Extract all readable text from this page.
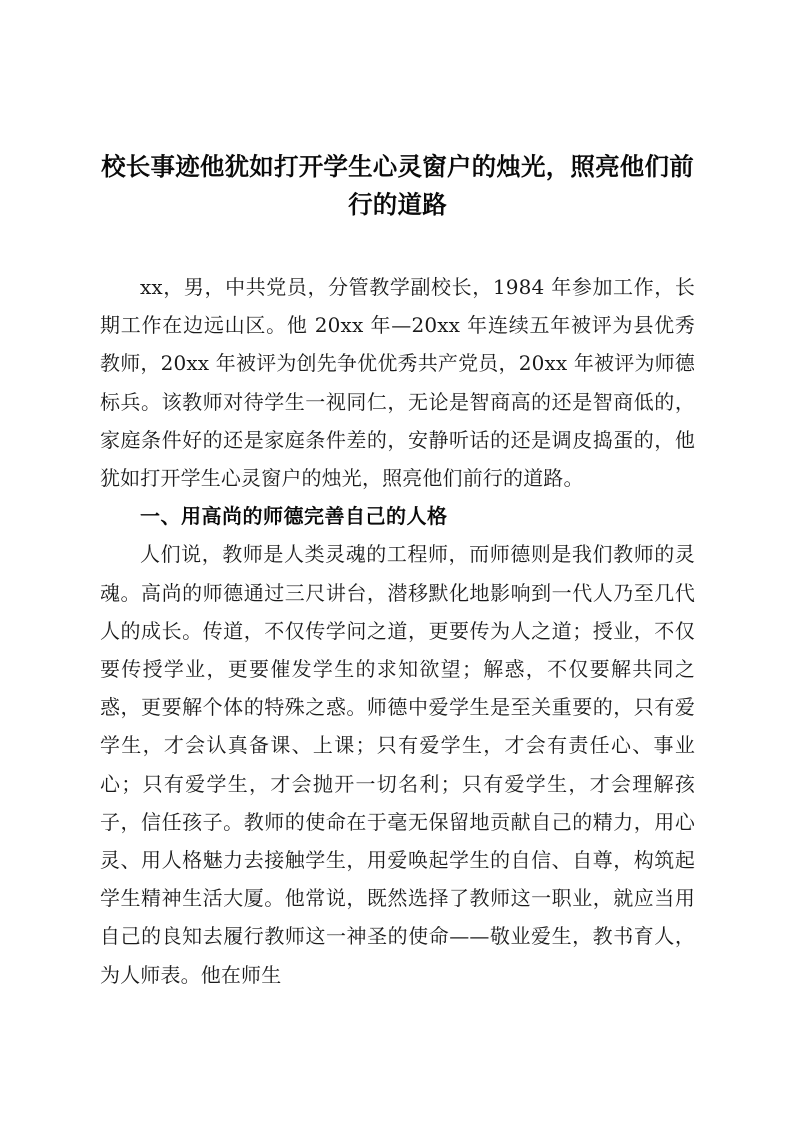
校长事迹他犹如打开学生心灵窗户的烛光，照亮他们前
行的道路

xx，男，中共党员，分管教学副校长，1984 年参加工作，长期工作在边远山区。他 20xx 年—20xx 年连续五年被评为县优秀教师，20xx 年被评为创先争优优秀共产党员，20xx 年被评为师德标兵。该教师对待学生一视同仁，无论是智商高的还是智商低的，家庭条件好的还是家庭条件差的，安静听话的还是调皮捣蛋的，他犹如打开学生心灵窗户的烛光，照亮他们前行的道路。

一、用高尚的师德完善自己的人格

人们说，教师是人类灵魂的工程师，而师德则是我们教师的灵魂。高尚的师德通过三尺讲台，潜移默化地影响到一代人乃至几代人的成长。传道，不仅传学问之道，更要传为人之道；授业，不仅要传授学业，更要催发学生的求知欲望；解惑，不仅要解共同之惑，更要解个体的特殊之惑。师德中爱学生是至关重要的，只有爱学生，才会认真备课、上课；只有爱学生，才会有责任心、事业心；只有爱学生，才会抛开一切名利；只有爱学生，才会理解孩子，信任孩子。教师的使命在于毫无保留地贡献自己的精力，用心灵、用人格魅力去接触学生，用爱唤起学生的自信、自尊，构筑起学生精神生活大厦。他常说，既然选择了教师这一职业，就应当用自己的良知去履行教师这一神圣的使命——敬业爱生，教书育人，为人师表。他在师生
